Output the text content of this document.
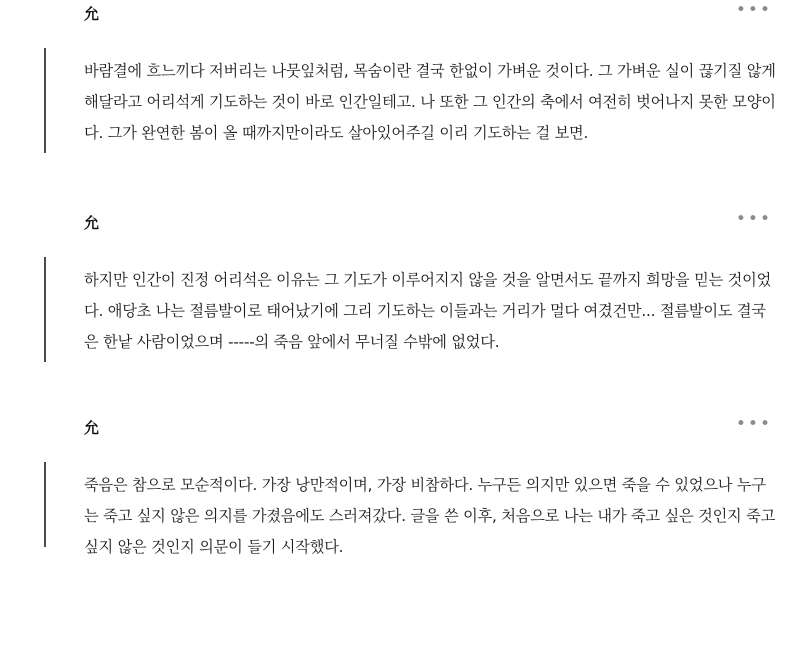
允	•••

바람결에 흐느끼다 저버리는 나뭇잎처럼, 목숨이란 결국 한없이 가벼운 것이다. 그 가벼운 실이 끊기질 않게 해달라고 어리석게 기도하는 것이 바로 인간일테고. 나 또한 그 인간의 축에서 여전히 벗어나지 못한 모양이다. 그가 완연한 봄이 올 때까지만이라도 살아있어주길 이리 기도하는 걸 보면.

允	•••

하지만 인간이 진정 어리석은 이유는 그 기도가 이루어지지 않을 것을 알면서도 끝까지 희망을 믿는 것이었다. 애당초 나는 절름발이로 태어났기에 그리 기도하는 이들과는 거리가 멀다 여겼건만... 절름발이도 결국은 한낱 사람이었으며 -----의 죽음 앞에서 무너질 수밖에 없었다.

允	•••

죽음은 참으로 모순적이다. 가장 낭만적이며, 가장 비참하다. 누구든 의지만 있으면 죽을 수 있었으나 누구는 죽고 싶지 않은 의지를 가졌음에도 스러져갔다. 글을 쓴 이후, 처음으로 나는 내가 죽고 싶은 것인지 죽고 싶지 않은 것인지 의문이 들기 시작했다.
